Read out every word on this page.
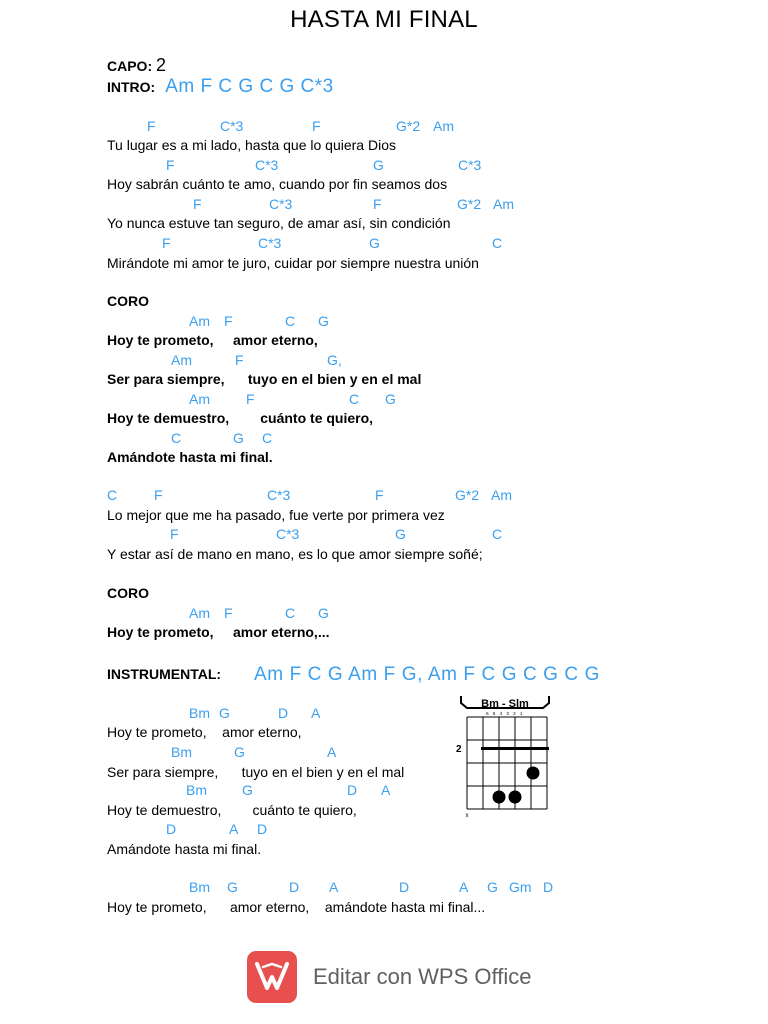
HASTA MI FINAL
CAPO: 2
INTRO: Am F C G C G C*3
F	C*3	F	G*2 Am
Tu lugar es a mi lado, hasta que lo quiera Dios
F	C*3	G	C*3
Hoy sabrán cuánto te amo, cuando por fin seamos dos
F	C*3	F	G*2 Am
Yo nunca estuve tan seguro, de amar así, sin condición
F	C*3	G	C
Mirándote mi amor te juro, cuidar por siempre nuestra unión
CORO
Am F	C G
Hoy te prometo,     amor eterno,
Am	F	G,
Ser para siempre,      tuyo en el bien y en el mal
Am	F	C G
Hoy te demuestro,        cuánto te quiero,
C	G C
Amándote hasta mi final.
C	F	C*3	F	G*2 Am
Lo mejor que me ha pasado, fue verte por primera vez
F	C*3	G	C
Y estar así de mano en mano, es lo que amor siempre soñé;
CORO
Am F	C G
Hoy te prometo,     amor eterno,...
INSTRUMENTAL: Am F C G Am F G, Am F C G C G C G
Bm G	D A
Hoy te prometo,    amor eterno,
Bm	G	A
Ser para siempre,      tuyo en el bien y en el mal
Bm	G	D A
Hoy te demuestro,        cuánto te quiero,
D	A D
Amándote hasta mi final.
Bm G	D A	D	A G Gm D
Hoy te prometo,      amor eterno,    amándote hasta mi final...
Bm - Slm
6 5 4 3 2 1
2
x
Editar con WPS Office
